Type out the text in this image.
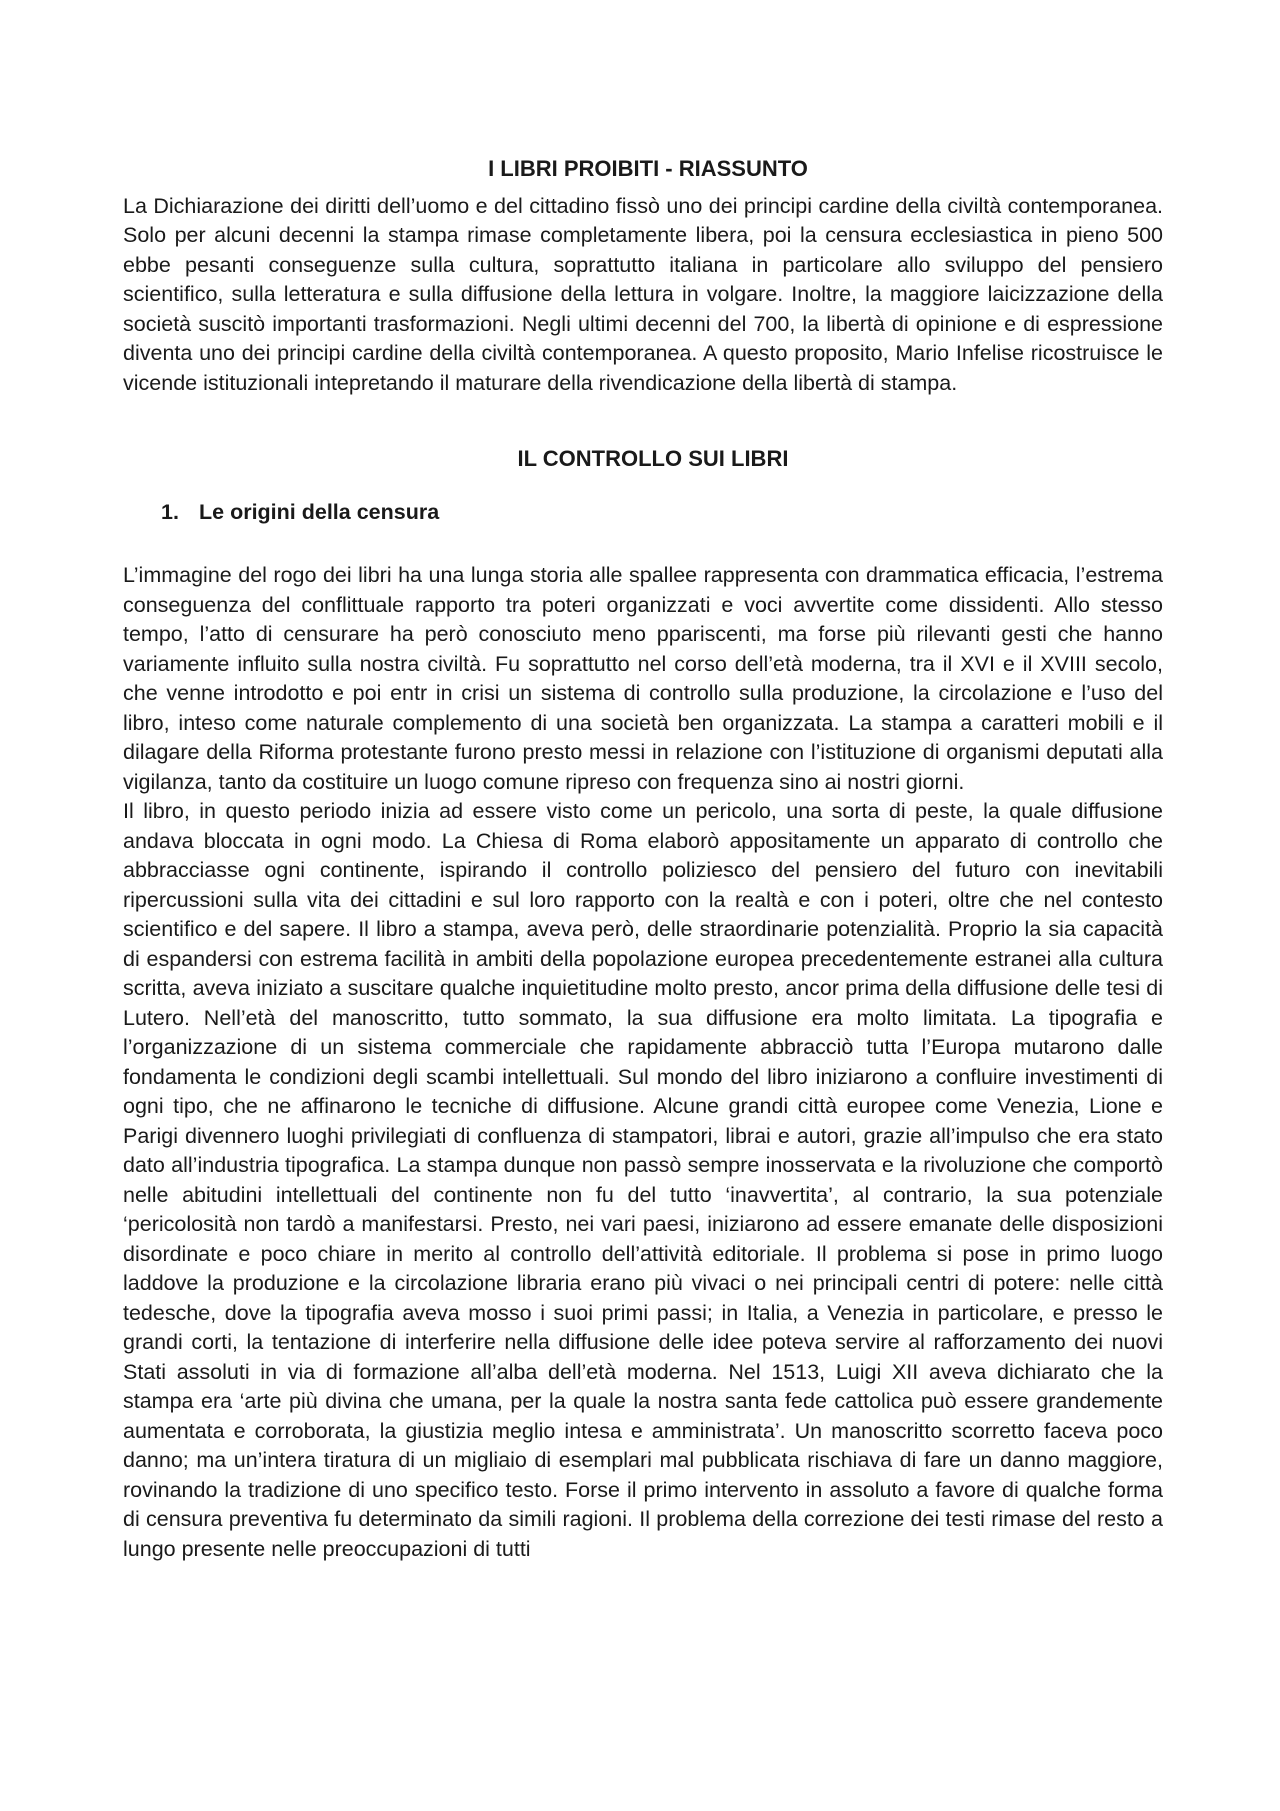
I LIBRI PROIBITI - RIASSUNTO

La Dichiarazione dei diritti dell’uomo e del cittadino fissò uno dei principi cardine della civiltà contemporanea. Solo per alcuni decenni la stampa rimase completamente libera, poi la censura ecclesiastica in pieno 500 ebbe pesanti conseguenze sulla cultura, soprattutto italiana in particolare allo sviluppo del pensiero scientifico, sulla letteratura e sulla diffusione della lettura in volgare. Inoltre, la maggiore laicizzazione della società suscitò importanti trasformazioni. Negli ultimi decenni del 700, la libertà di opinione e di espressione diventa uno dei principi cardine della civiltà contemporanea. A questo proposito, Mario Infelise ricostruisce le vicende istituzionali intepretando il maturare della rivendicazione della libertà di stampa.

IL CONTROLLO SUI LIBRI
1. Le origini della censura

L’immagine del rogo dei libri ha una lunga storia alle spallee rappresenta con drammatica efficacia, l’estrema conseguenza del conflittuale rapporto tra poteri organizzati e voci avvertite come dissidenti. Allo stesso tempo, l’atto di censurare ha però conosciuto meno ppariscenti, ma forse più rilevanti gesti che hanno variamente influito sulla nostra civiltà. Fu soprattutto nel corso dell’età moderna, tra il XVI e il XVIII secolo, che venne introdotto e poi entr in crisi un sistema di controllo sulla produzione, la circolazione e l’uso del libro, inteso come naturale complemento di una società ben organizzata. La stampa a caratteri mobili e il dilagare della Riforma protestante furono presto messi in relazione con l’istituzione di organismi deputati alla vigilanza, tanto da costituire un luogo comune ripreso con frequenza sino ai nostri giorni.

Il libro, in questo periodo inizia ad essere visto come un pericolo, una sorta di peste, la quale diffusione andava bloccata in ogni modo. La Chiesa di Roma elaborò appositamente un apparato di controllo che abbracciasse ogni continente, ispirando il controllo poliziesco del pensiero del futuro con inevitabili ripercussioni sulla vita dei cittadini e sul loro rapporto con la realtà e con i poteri, oltre che nel contesto scientifico e del sapere. Il libro a stampa, aveva però, delle straordinarie potenzialità. Proprio la sia capacità di espandersi con estrema facilità in ambiti della popolazione europea precedentemente estranei alla cultura scritta, aveva iniziato a suscitare qualche inquietitudine molto presto, ancor prima della diffusione delle tesi di Lutero. Nell’età del manoscritto, tutto sommato, la sua diffusione era molto limitata. La tipografia e l’organizzazione di un sistema commerciale che rapidamente abbracciò tutta l’Europa mutarono dalle fondamenta le condizioni degli scambi intellettuali. Sul mondo del libro iniziarono a confluire investimenti di ogni tipo, che ne affinarono le tecniche di diffusione. Alcune grandi città europee come Venezia, Lione e Parigi divennero luoghi privilegiati di confluenza di stampatori, librai e autori, grazie all’impulso che era stato dato all’industria tipografica. La stampa dunque non passò sempre inosservata e la rivoluzione che comportò nelle abitudini intellettuali del continente non fu del tutto ‘inavvertita’, al contrario, la sua potenziale ‘pericolosità non tardò a manifestarsi. Presto, nei vari paesi, iniziarono ad essere emanate delle disposizioni disordinate e poco chiare in merito al controllo dell’attività editoriale. Il problema si pose in primo luogo laddove la produzione e la circolazione libraria erano più vivaci o nei principali centri di potere: nelle città tedesche, dove la tipografia aveva mosso i suoi primi passi; in Italia, a Venezia in particolare, e presso le grandi corti, la tentazione di interferire nella diffusione delle idee poteva servire al rafforzamento dei nuovi Stati assoluti in via di formazione all’alba dell’età moderna. Nel 1513, Luigi XII aveva dichiarato che la stampa era ‘arte più divina che umana, per la quale la nostra santa fede cattolica può essere grandemente aumentata e corroborata, la giustizia meglio intesa e amministrata’. Un manoscritto scorretto faceva poco danno; ma un’intera tiratura di un migliaio di esemplari mal pubblicata rischiava di fare un danno maggiore, rovinando la tradizione di uno specifico testo. Forse il primo intervento in assoluto a favore di qualche forma di censura preventiva fu determinato da simili ragioni. Il problema della correzione dei testi rimase del resto a lungo presente nelle preoccupazioni di tutti
